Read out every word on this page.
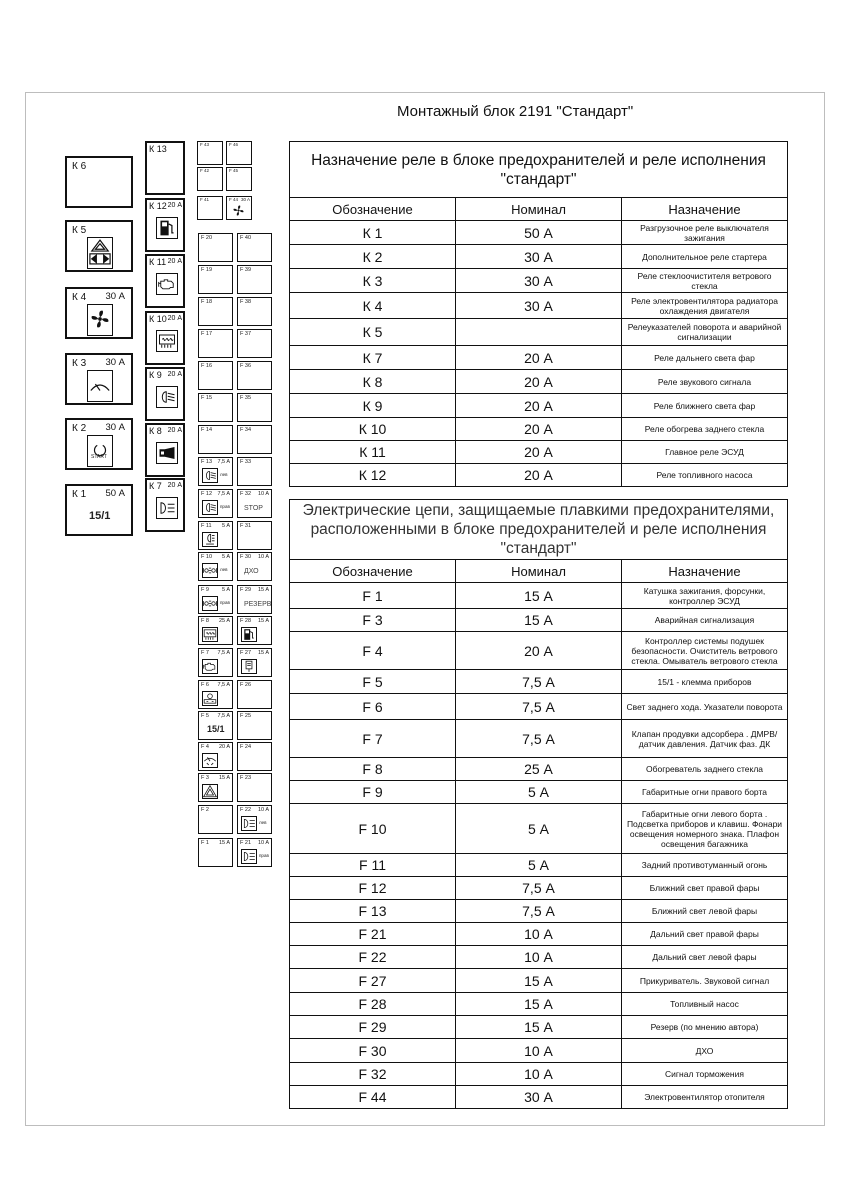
Монтажный блок 2191 "Стандарт"
К 6
К 5
К 4 30 А
К 3 30 А
К 2 30 А
START
К 1 50 А
15/1
К 13
К 12 20 А
К 11 20 А
К 10 20 А
К 9 20 А
К 8 20 А
К 7 20 А
F 43	F 46
F 42	F 45
F 41	F 44 30 A
F 20
F 19
F 18
F 17
F 16
F 15
F 14
F 13 7,5 A
лев
F 12 7,5 A
прав
F 11 5 A
F 10 5 A
лев
F 9 5 A
прав
F 8 25 A
F 7 7,5 A
F 6 7,5 A
F 5 7,5 A
15/1
F 4 20 A
F 3 15 A
F 2
F 1 15 A
F 40
F 39
F 38
F 37
F 36
F 35
F 34
F 33
F 32 10 A
STOP
F 31
F 30 10 A
ДХО
F 29 15 A
РЕЗЕРВ
F 28 15 A
F 27 15 A
F 26
F 25
F 24
F 23
F 22 10 A
лев
F 21 10 A
прав
Назначение реле в блоке предохранителей и реле исполнения "стандарт"		
Обозначение	Номинал	Назначение
К 1	50 А	Разгрузочное реле выключателя зажигания
К 2	30 А	Дополнительное реле стартера
К 3	30 А	Реле стеклоочистителя ветрового стекла
К 4	30 А	Реле электровентилятора радиатора охлаждения двигателя
К 5		Релеуказателей поворота и аварийной сигнализации
К 7	20 А	Реле дальнего света фар
К 8	20 А	Реле звукового сигнала
К 9	20 А	Реле ближнего света фар
К 10	20 А	Реле обогрева заднего стекла
К 11	20 А	Главное реле ЭСУД
К 12	20 А	Реле топливного насоса
Электрические цепи, защищаемые плавкими предохранителями, расположенными в блоке предохранителей и реле исполнения "стандарт"		
Обозначение	Номинал	Назначение
F 1	15 А	Катушка зажигания, форсунки, контроллер ЭСУД
F 3	15 А	Аварийная сигнализация
F 4	20 А	Контроллер системы подушек безопасности. Очиститель ветрового стекла. Омыватель ветрового стекла
F 5	7,5 А	15/1 - клемма приборов
F 6	7,5 А	Свет заднего хода. Указатели поворота
F 7	7,5 А	Клапан продувки адсорбера . ДМРВ/датчик давления. Датчик фаз. ДК
F 8	25 А	Обогреватель заднего стекла
F 9	5 А	Габаритные огни правого борта
F 10	5 А	Габаритные огни левого борта . Подсветка приборов и клавиш. Фонари освещения номерного знака. Плафон освещения багажника
F 11	5 А	Задний противотуманный огонь
F 12	7,5 А	Ближний свет правой фары
F 13	7,5 А	Ближний свет левой фары
F 21	10 А	Дальний свет правой фары
F 22	10 А	Дальний свет левой фары
F 27	15 А	Прикуриватель. Звуковой сигнал
F 28	15 А	Топливный насос
F 29	15 А	Резерв (по мнению автора)
F 30	10 А	ДХО
F 32	10 А	Сигнал торможения
F 44	30 А	Электровентилятор отопителя
